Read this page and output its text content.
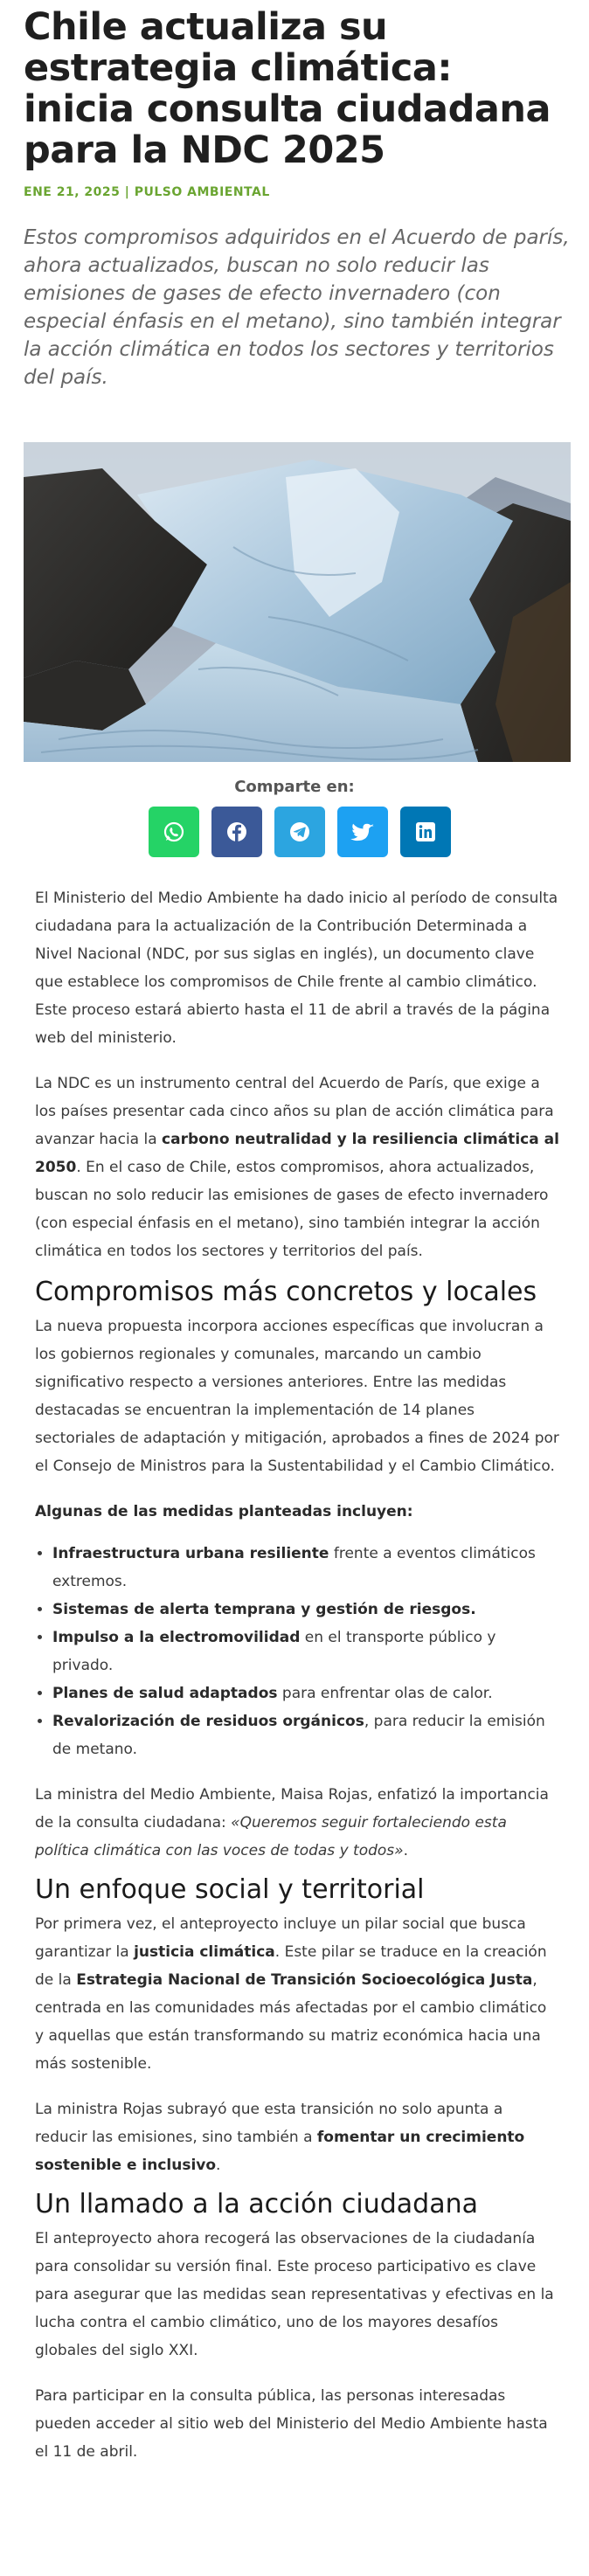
Chile actualiza su estrategia climática: inicia consulta ciudadana para la NDC 2025
ENE 21, 2025 | PULSO AMBIENTAL

Estos compromisos adquiridos en el Acuerdo de parís, ahora actualizados, buscan no solo reducir las emisiones de gases de efecto invernadero (con especial énfasis en el metano), sino también integrar la acción climática en todos los sectores y territorios del país.

Comparte en:

El Ministerio del Medio Ambiente ha dado inicio al período de consulta ciudadana para la actualización de la Contribución Determinada a Nivel Nacional (NDC, por sus siglas en inglés), un documento clave que establece los compromisos de Chile frente al cambio climático. Este proceso estará abierto hasta el 11 de abril a través de la página web del ministerio.

La NDC es un instrumento central del Acuerdo de París, que exige a los países presentar cada cinco años su plan de acción climática para avanzar hacia la carbono neutralidad y la resiliencia climática al 2050. En el caso de Chile, estos compromisos, ahora actualizados, buscan no solo reducir las emisiones de gases de efecto invernadero (con especial énfasis en el metano), sino también integrar la acción climática en todos los sectores y territorios del país.

Compromisos más concretos y locales

La nueva propuesta incorpora acciones específicas que involucran a los gobiernos regionales y comunales, marcando un cambio significativo respecto a versiones anteriores. Entre las medidas destacadas se encuentran la implementación de 14 planes sectoriales de adaptación y mitigación, aprobados a fines de 2024 por el Consejo de Ministros para la Sustentabilidad y el Cambio Climático.

Algunas de las medidas planteadas incluyen:

• Infraestructura urbana resiliente frente a eventos climáticos extremos.
• Sistemas de alerta temprana y gestión de riesgos.
• Impulso a la electromovilidad en el transporte público y privado.
• Planes de salud adaptados para enfrentar olas de calor.
• Revalorización de residuos orgánicos, para reducir la emisión de metano.

La ministra del Medio Ambiente, Maisa Rojas, enfatizó la importancia de la consulta ciudadana: «Queremos seguir fortaleciendo esta política climática con las voces de todas y todos».

Un enfoque social y territorial

Por primera vez, el anteproyecto incluye un pilar social que busca garantizar la justicia climática. Este pilar se traduce en la creación de la Estrategia Nacional de Transición Socioecológica Justa, centrada en las comunidades más afectadas por el cambio climático y aquellas que están transformando su matriz económica hacia una más sostenible.

La ministra Rojas subrayó que esta transición no solo apunta a reducir las emisiones, sino también a fomentar un crecimiento sostenible e inclusivo.

Un llamado a la acción ciudadana

El anteproyecto ahora recogerá las observaciones de la ciudadanía para consolidar su versión final. Este proceso participativo es clave para asegurar que las medidas sean representativas y efectivas en la lucha contra el cambio climático, uno de los mayores desafíos globales del siglo XXI.

Para participar en la consulta pública, las personas interesadas pueden acceder al sitio web del Ministerio del Medio Ambiente hasta el 11 de abril.
